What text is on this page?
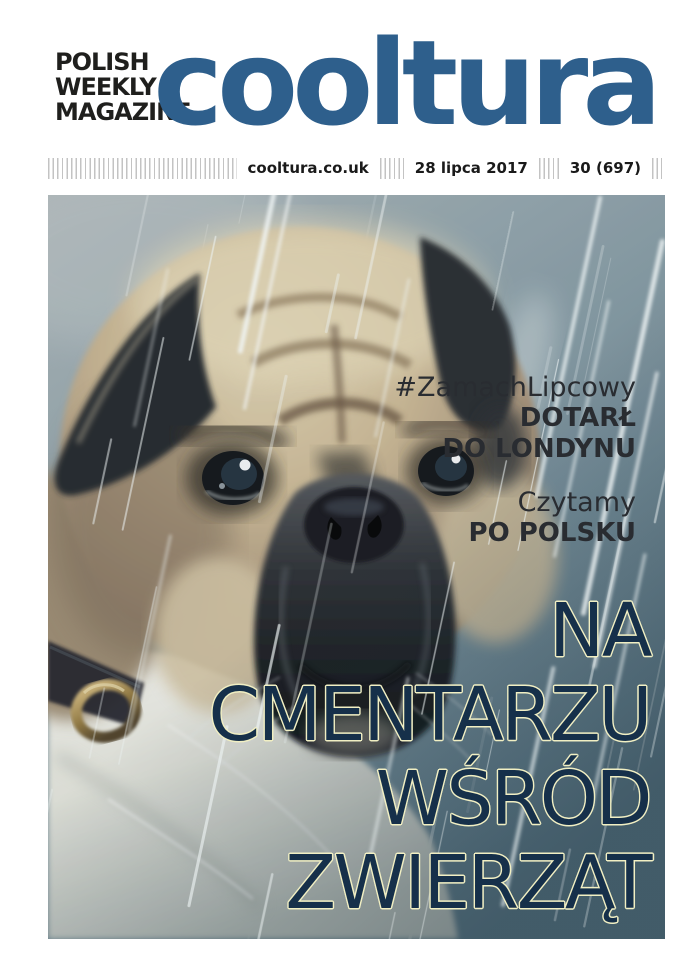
POLISH
WEEKLY
MAGAZINE
cooltura
cooltura.co.uk	28 lipca 2017	30 (697)
#ZamachLipcowy
DOTARŁ
DO LONDYNU
Czytamy
PO POLSKU
NA
CMENTARZU
WŚRÓD
ZWIERZĄT
